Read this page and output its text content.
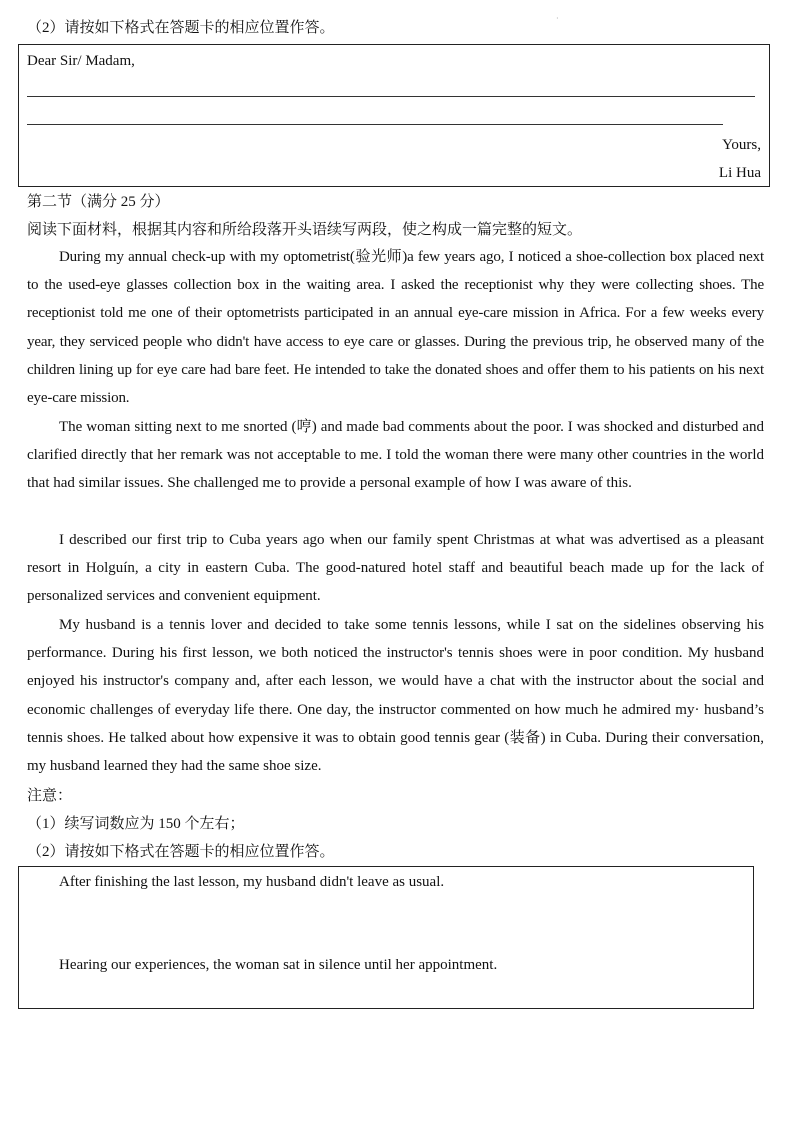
（2）请按如下格式在答题卡的相应位置作答。
·
Dear Sir/ Madam,
Yours,
Li Hua
第二节（满分 25 分）
阅读下面材料，根据其内容和所给段落开头语续写两段，使之构成一篇完整的短文。
During my annual check-up with my optometrist(验光师)a few years ago, I noticed a shoe-collection box placed next to the used-eye glasses collection box in the waiting area. I asked the receptionist why they were collecting shoes. The receptionist told me one of their optometrists participated in an annual eye-care mission in Africa. For a few weeks every year, they serviced people who didn't have access to eye care or glasses. During the previous trip, he observed many of the children lining up for eye care had bare feet. He intended to take the donated shoes and offer them to his patients on his next eye-care mission.
The woman sitting next to me snorted (哼) and made bad comments about the poor. I was shocked and disturbed and clarified directly that her remark was not acceptable to me. I told the woman there were many other countries in the world that had similar issues. She challenged me to provide a personal example of how I was aware of this.
I described our first trip to Cuba years ago when our family spent Christmas at what was advertised as a pleasant resort in Holguín, a city in eastern Cuba. The good-natured hotel staff and beautiful beach made up for the lack of personalized services and convenient equipment.
My husband is a tennis lover and decided to take some tennis lessons, while I sat on the sidelines observing his performance. During his first lesson, we both noticed the instructor's tennis shoes were in poor condition. My husband enjoyed his instructor's company and, after each lesson, we would have a chat with the instructor about the social and economic challenges of everyday life there. One day, the instructor commented on how much he admired my· husband’s tennis shoes. He talked about how expensive it was to obtain good tennis gear (装备) in Cuba. During their conversation, my husband learned they had the same shoe size.
注意：
（1）续写词数应为 150 个左右；
（2）请按如下格式在答题卡的相应位置作答。
After finishing the last lesson, my husband didn't leave as usual.
Hearing our experiences, the woman sat in silence until her appointment.
